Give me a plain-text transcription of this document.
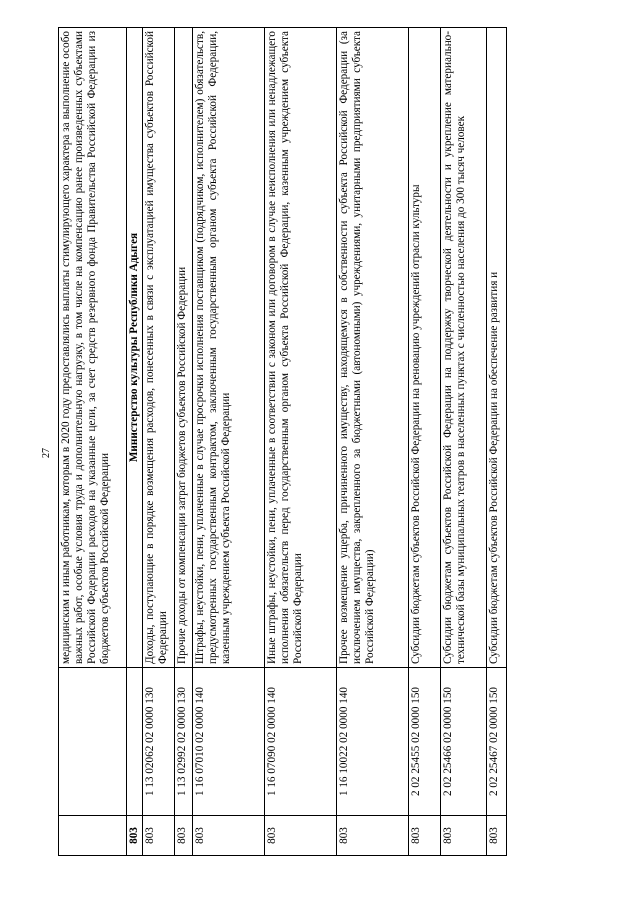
27
		медицинским и иным работникам, которым в 2020 году предоставлялись выплаты стимулирующего характера за выполнение особо важных работ, особые условия труда и дополнительную нагрузку, в том числе на компенсацию ранее произведенных субъектами Российской Федерации расходов на указанные цели, за счет средств резервного фонда Правительства Российской Федерации из бюджетов субъектов Российской Федерации
803		Министерство культуры Республики Адыгея
803	1 13 02062 02 0000 130	Доходы, поступающие в порядке возмещения расходов, понесенных в связи с эксплуатацией имущества субъектов Российской Федерации
803	1 13 02992 02 0000 130	Прочие доходы от компенсации затрат бюджетов субъектов Российской Федерации
803	1 16 07010 02 0000 140	Штрафы, неустойки, пени, уплаченные в случае просрочки исполнения поставщиком (подрядчиком, исполнителем) обязательств, предусмотренных государственным контрактом, заключенным государственным органом субъекта Российской Федерации, казенным учреждением субъекта Российской Федерации
803	1 16 07090 02 0000 140	Иные штрафы, неустойки, пени, уплаченные в соответствии с законом или договором в случае неисполнения или ненадлежащего исполнения обязательств перед государственным органом субъекта Российской Федерации, казенным учреждением субъекта Российской Федерации
803	1 16 10022 02 0000 140	Прочее возмещение ущерба, причиненного имуществу, находящемуся в собственности субъекта Российской Федерации (за исключением имущества, закрепленного за бюджетными (автономными) учреждениями, унитарными предприятиями субъекта Российской Федерации)
803	2 02 25455 02 0000 150	Субсидии бюджетам субъектов Российской Федерации на реновацию учреждений отрасли культуры
803	2 02 25466 02 0000 150	Субсидии бюджетам субъектов Российской Федерации на поддержку творческой деятельности и укрепление материально-технической базы муниципальных театров в населенных пунктах с численностью населения до 300 тысяч человек
803	2 02 25467 02 0000 150	Субсидии бюджетам субъектов Российской Федерации на обеспечение развития и
